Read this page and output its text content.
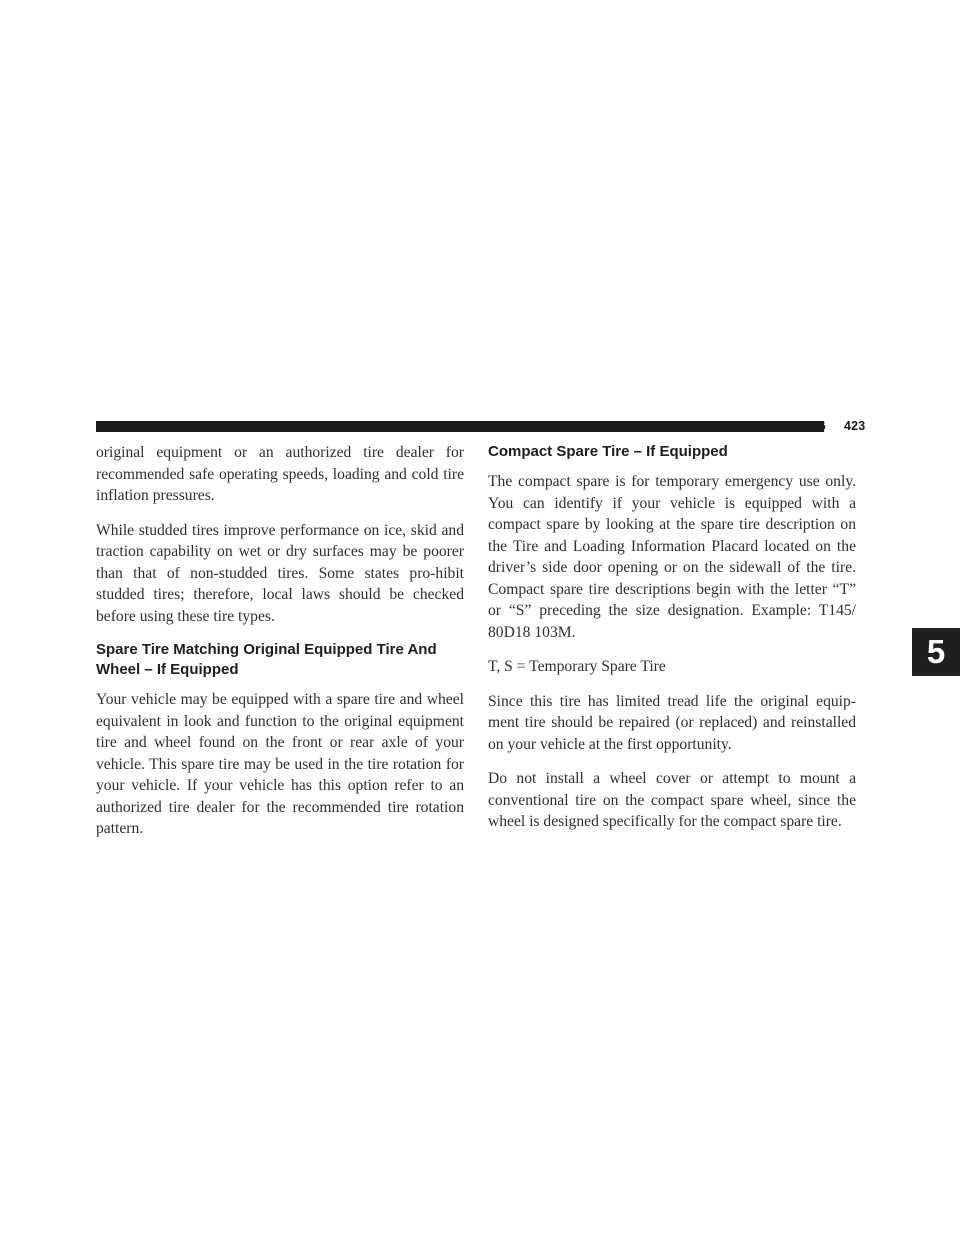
STARTING AND OPERATING 423
5

original equipment or an authorized tire dealer for recommended safe operating speeds, loading and cold tire inflation pressures.

While studded tires improve performance on ice, skid and traction capability on wet or dry surfaces may be poorer than that of non-studded tires. Some states pro-hibit studded tires; therefore, local laws should be checked before using these tire types.

Spare Tire Matching Original Equipped Tire And Wheel – If Equipped

Your vehicle may be equipped with a spare tire and wheel equivalent in look and function to the original equipment tire and wheel found on the front or rear axle of your vehicle. This spare tire may be used in the tire rotation for your vehicle. If your vehicle has this option refer to an authorized tire dealer for the recommended tire rotation pattern.

Compact Spare Tire – If Equipped

The compact spare is for temporary emergency use only. You can identify if your vehicle is equipped with a compact spare by looking at the spare tire description on the Tire and Loading Information Placard located on the driver’s side door opening or on the sidewall of the tire. Compact spare tire descriptions begin with the letter “T” or “S” preceding the size designation. Example: T145/ 80D18 103M.

T, S = Temporary Spare Tire

Since this tire has limited tread life the original equip-ment tire should be repaired (or replaced) and reinstalled on your vehicle at the first opportunity.

Do not install a wheel cover or attempt to mount a conventional tire on the compact spare wheel, since the wheel is designed specifically for the compact spare tire.
